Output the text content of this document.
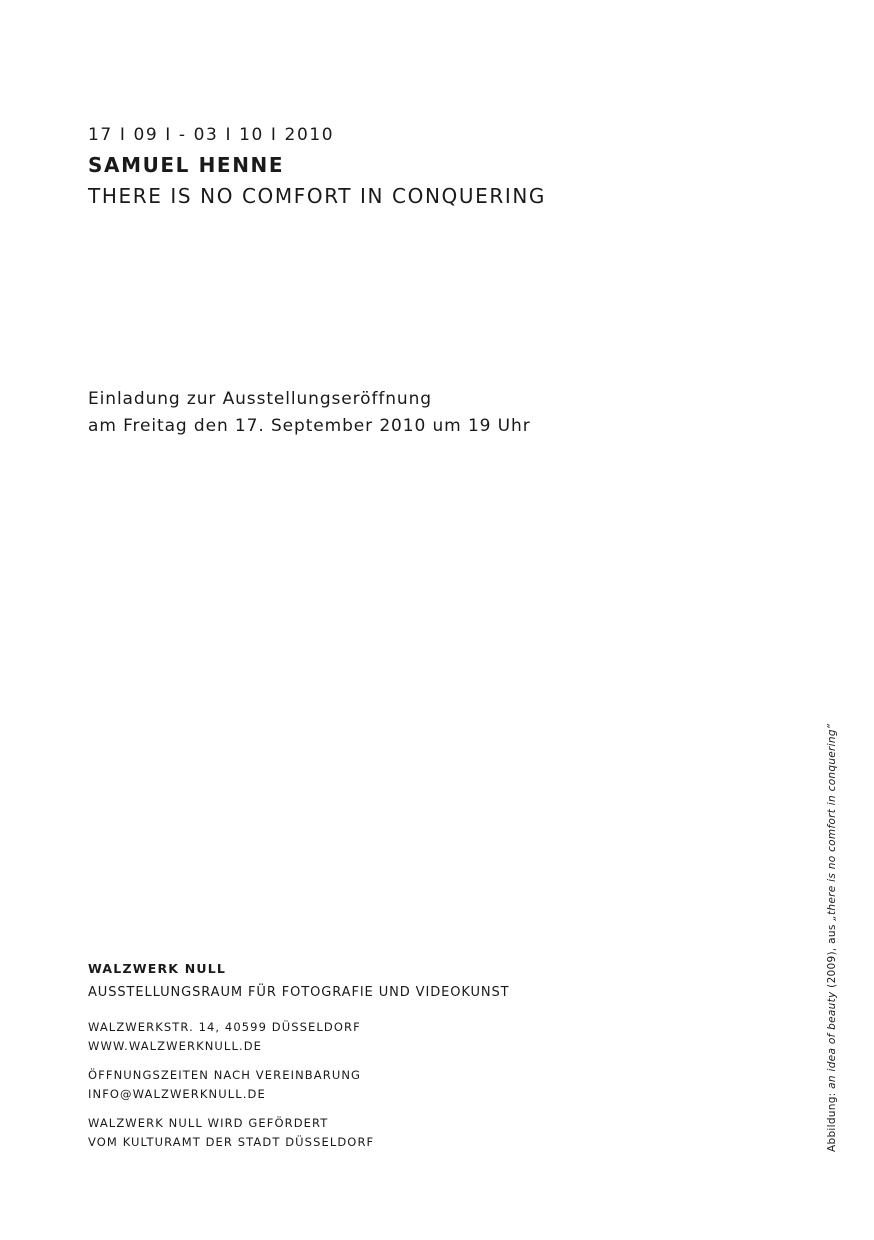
17 I 09 I - 03 I 10 I 2010
SAMUEL HENNE
THERE IS NO COMFORT IN CONQUERING
Einladung zur Ausstellungseröffnung
am Freitag den 17. September 2010 um 19 Uhr
WALZWERK NULL
AUSSTELLUNGSRAUM FÜR FOTOGRAFIE UND VIDEOKUNST
WALZWERKSTR. 14, 40599 DÜSSELDORF
WWW.WALZWERKNULL.DE
ÖFFNUNGSZEITEN NACH VEREINBARUNG
INFO@WALZWERKNULL.DE
WALZWERK NULL WIRD GEFÖRDERT
VOM KULTURAMT DER STADT DÜSSELDORF	Abbildung: an idea of beauty (2009), aus „there is no comfort in conquering“
